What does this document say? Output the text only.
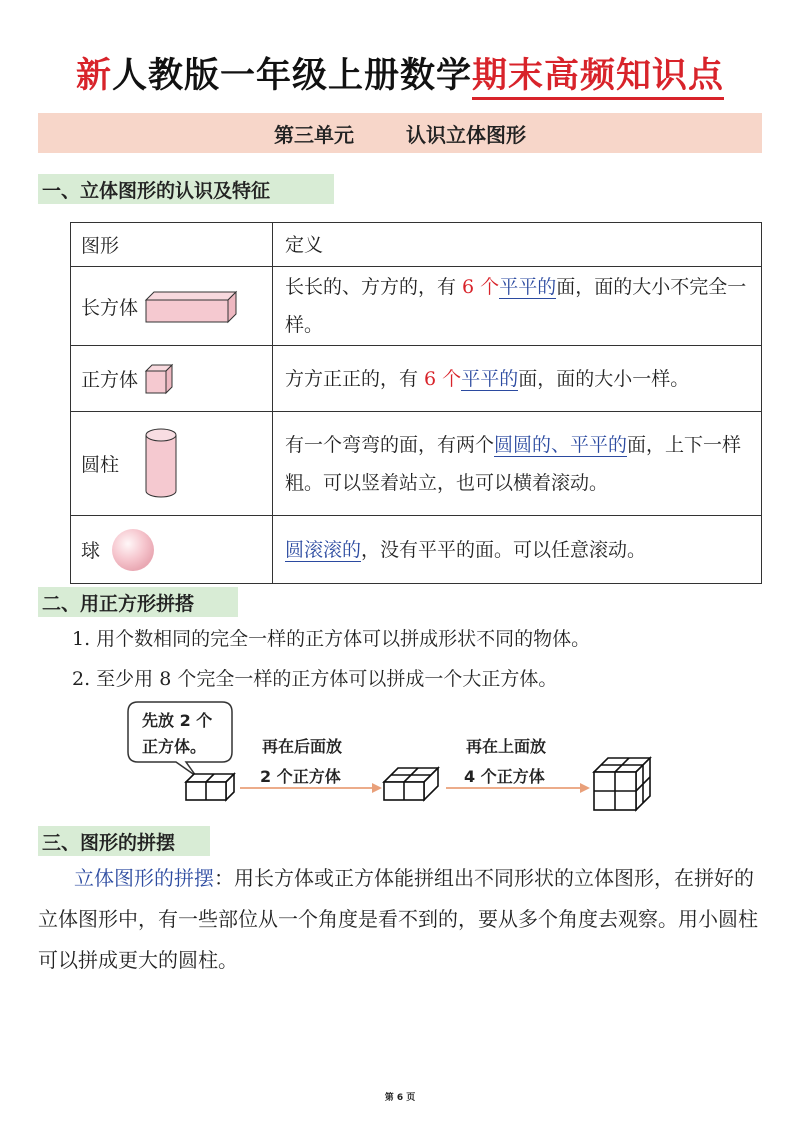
新人教版一年级上册数学期末高频知识点
第三单元	认识立体图形
一、立体图形的认识及特征
图形	定义

长方体	长长的、方方的，有 6 个平平的面，面的大小不完全一样。

正方体	方方正正的，有 6 个平平的面，面的大小一样。

圆柱	有一个弯弯的面，有两个圆圆的、平平的面，上下一样粗。可以竖着站立，也可以横着滚动。

球	圆滚滚的，没有平平的面。可以任意滚动。
二、用正方形拼搭
1. 用个数相同的完全一样的正方体可以拼成形状不同的物体。
2. 至少用 8 个完全一样的正方体可以拼成一个大正方体。
先放 2 个
正方体。	再在后面放
2 个正方体
再在上面放
4 个正方体
三、图形的拼摆
立体图形的拼摆：用长方体或正方体能拼组出不同形状的立体图形，在拼好的立体图形中，有一些部位从一个角度是看不到的，要从多个角度去观察。用小圆柱可以拼成更大的圆柱。
第 6 页
